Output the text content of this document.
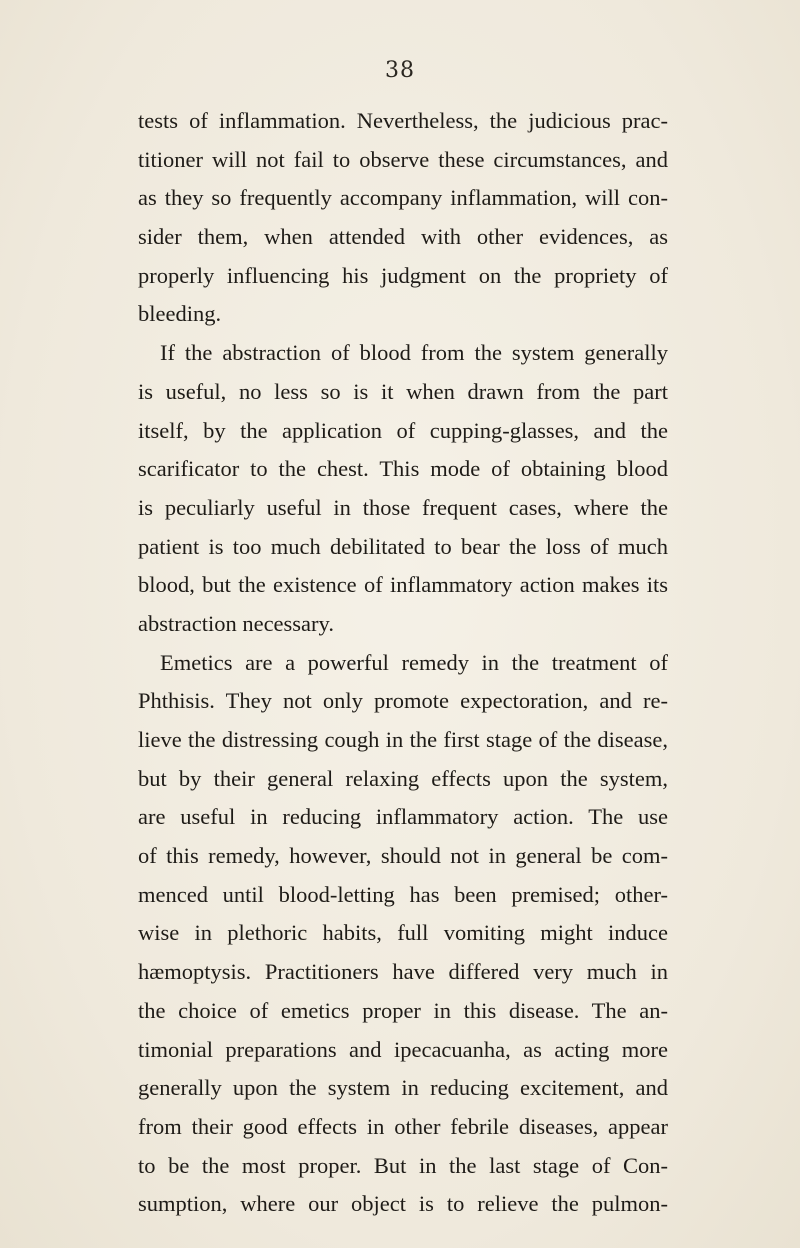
38
tests of inflammation. Nevertheless, the judicious prac-
titioner will not fail to observe these circumstances, and
as they so frequently accompany inflammation, will con-
sider them, when attended with other evidences, as
properly influencing his judgment on the propriety of
bleeding.
If the abstraction of blood from the system generally
is useful, no less so is it when drawn from the part
itself, by the application of cupping-glasses, and the
scarificator to the chest. This mode of obtaining blood
is peculiarly useful in those frequent cases, where the
patient is too much debilitated to bear the loss of much
blood, but the existence of inflammatory action makes its
abstraction necessary.
Emetics are a powerful remedy in the treatment of
Phthisis. They not only promote expectoration, and re-
lieve the distressing cough in the first stage of the disease,
but by their general relaxing effects upon the system,
are useful in reducing inflammatory action. The use
of this remedy, however, should not in general be com-
menced until blood-letting has been premised; other-
wise in plethoric habits, full vomiting might induce
hæmoptysis. Practitioners have differed very much in
the choice of emetics proper in this disease. The an-
timonial preparations and ipecacuanha, as acting more
generally upon the system in reducing excitement, and
from their good effects in other febrile diseases, appear
to be the most proper. But in the last stage of Con-
sumption, where our object is to relieve the pulmon-
